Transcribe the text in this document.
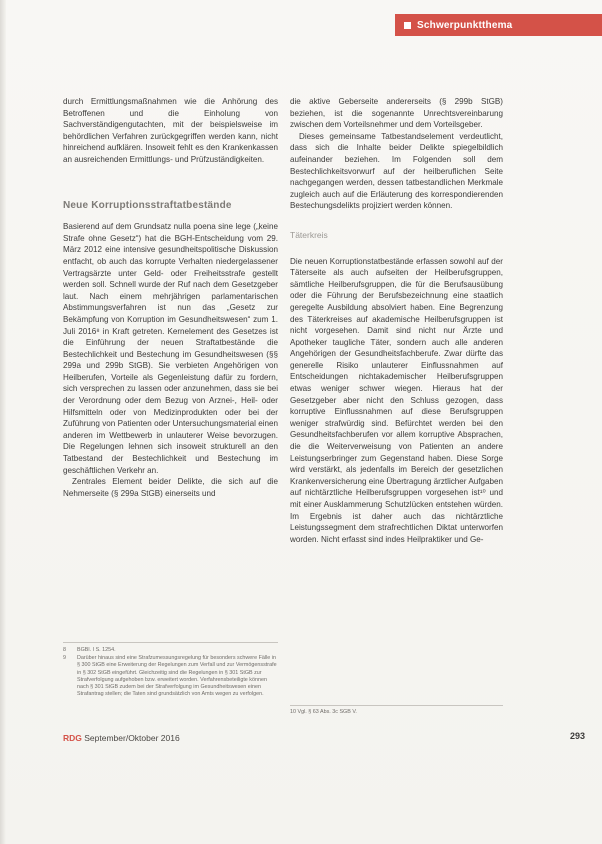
Schwerpunktthema

durch Ermittlungsmaßnahmen wie die Anhörung des Betroffenen und die Einholung von Sachverständigengutachten, mit der beispielsweise im behördlichen Verfahren zurückgegriffen werden kann, nicht hinreichend aufklären. Insoweit fehlt es den Krankenkassen an ausreichenden Ermittlungs- und Prüfzuständigkeiten.

Neue Korruptionsstraftatbestände

Basierend auf dem Grundsatz nulla poena sine lege („keine Strafe ohne Gesetz“) hat die BGH-Entscheidung vom 29. März 2012 eine intensive gesundheitspolitische Diskussion entfacht, ob auch das korrupte Verhalten niedergelassener Vertragsärzte unter Geld- oder Freiheitsstrafe gestellt werden soll. Schnell wurde der Ruf nach dem Gesetzgeber laut. Nach einem mehrjährigen parlamentarischen Abstimmungsverfahren ist nun das „Gesetz zur Bekämpfung von Korruption im Gesundheitswesen“ zum 1. Juli 2016⁸ in Kraft getreten. Kernelement des Gesetzes ist die Einführung der neuen Straftatbestände die Bestechlichkeit und Bestechung im Gesundheitswesen (§§ 299a und 299b StGB). Sie verbieten Angehörigen von Heilberufen, Vorteile als Gegenleistung dafür zu fordern, sich versprechen zu lassen oder anzunehmen, dass sie bei der Verordnung oder dem Bezug von Arznei-, Heil- oder Hilfsmitteln oder von Medizinprodukten oder bei der Zuführung von Patienten oder Untersuchungsmaterial einen anderen im Wettbewerb in unlauterer Weise bevorzugen. Die Regelungen lehnen sich insoweit strukturell an den Tatbestand der Bestechlichkeit und Bestechung im geschäftlichen Verkehr an.

Zentrales Element beider Delikte, die sich auf die Nehmerseite (§ 299a StGB) einerseits und

8	BGBl. I S. 1254.
9	Darüber hinaus sind eine Strafzumessungsregelung für besonders schwere Fälle in § 300 StGB eine Erweiterung der Regelungen zum Verfall und zur Vermögensstrafe in § 302 StGB eingeführt. Gleichzeitig sind die Regelungen in § 301 StGB zur Strafverfolgung aufgehoben bzw. erweitert worden. Verfahrensbeteiligte können nach § 301 StGB zudem bei der Strafverfolgung im Gesundheitswesen einen Strafantrag stellen; die Taten sind grundsätzlich von Amts wegen zu verfolgen.

die aktive Geberseite andererseits (§ 299b StGB) beziehen, ist die sogenannte Unrechtsvereinbarung zwischen dem Vorteilsnehmer und dem Vorteilsgeber.

Dieses gemeinsame Tatbestandselement verdeutlicht, dass sich die Inhalte beider Delikte spiegelbildlich aufeinander beziehen. Im Folgenden soll dem Bestechlichkeitsvorwurf auf der heilberuflichen Seite nachgegangen werden, dessen tatbestandlichen Merkmale zugleich auch auf die Erläuterung des korrespondierenden Bestechungsdelikts projiziert werden können.

Täterkreis

Die neuen Korruptionstatbestände erfassen sowohl auf der Täterseite als auch aufseiten der Heilberufsgruppen, sämtliche Heilberufsgruppen, die für die Berufsausübung oder die Führung der Berufsbezeichnung eine staatlich geregelte Ausbildung absolviert haben. Eine Begrenzung des Täterkreises auf akademische Heilberufsgruppen ist nicht vorgesehen. Damit sind nicht nur Ärzte und Apotheker taugliche Täter, sondern auch alle anderen Angehörigen der Gesundheitsfachberufe. Zwar dürfte das generelle Risiko unlauterer Einflussnahmen auf Entscheidungen nichtakademischer Heilberufsgruppen etwas weniger schwer wiegen. Hieraus hat der Gesetzgeber aber nicht den Schluss gezogen, dass korruptive Einflussnahmen auf diese Berufsgruppen weniger strafwürdig sind. Befürchtet werden bei den Gesundheitsfachberufen vor allem korruptive Absprachen, die die Weiterverweisung von Patienten an andere Leistungserbringer zum Gegenstand haben. Diese Sorge wird verstärkt, als jedenfalls im Bereich der gesetzlichen Krankenversicherung eine Übertragung ärztlicher Aufgaben auf nichtärztliche Heilberufsgruppen vorgesehen ist¹⁰ und mit einer Ausklammerung Schutzlücken entstehen würden. Im Ergebnis ist daher auch das nichtärztliche Leistungssegment dem strafrechtlichen Diktat unterworfen worden. Nicht erfasst sind indes Heilpraktiker und Ge-

10 Vgl. § 63 Abs. 3c SGB V.
RDG September/Oktober 2016	293
